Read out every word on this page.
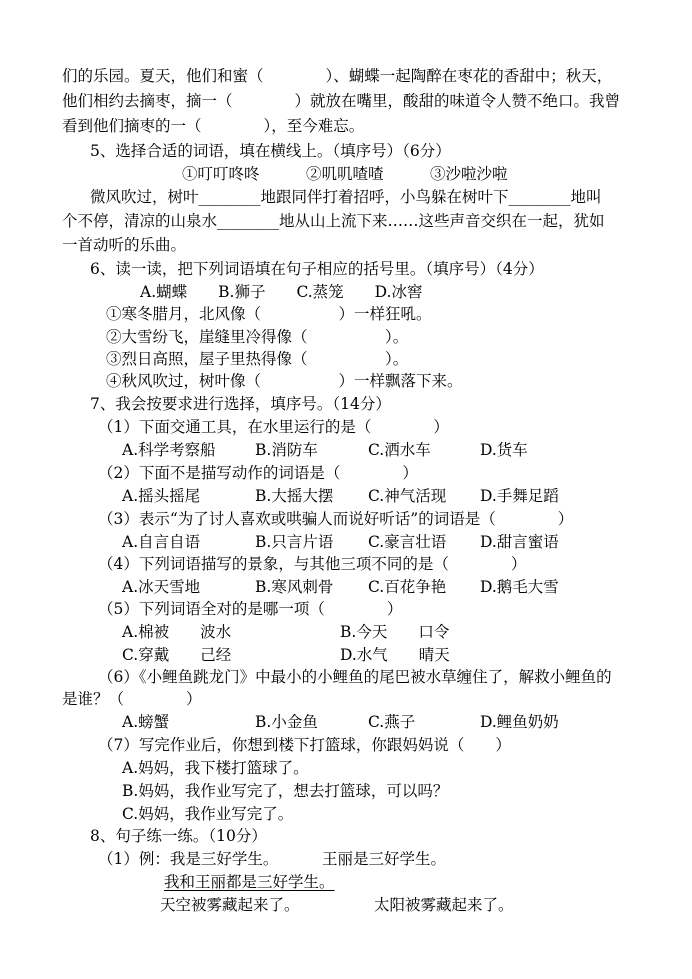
们的乐园。夏天，他们和蜜（　　　　）、蝴蝶一起陶醉在枣花的香甜中；秋天，
他们相约去摘枣，摘一（　　　　）就放在嘴里，酸甜的味道令人赞不绝口。我曾
看到他们摘枣的一（　　　　），至今难忘。
5、选择合适的词语，填在横线上。（填序号）（6分）
①叮叮咚咚　　　②叽叽喳喳　　　③沙啦沙啦
微风吹过，树叶________地跟同伴打着招呼，小鸟躲在树叶下________地叫
个不停，清凉的山泉水________地从山上流下来……这些声音交织在一起，犹如
一首动听的乐曲。
6、读一读，把下列词语填在句子相应的括号里。（填序号）（4分）
A.蝴蝶　　B.狮子　　C.蒸笼　　D.冰窖
①寒冬腊月，北风像（　　　　　）一样狂吼。
②大雪纷飞，崖缝里冷得像（　　　　　）。
③烈日高照，屋子里热得像（　　　　　）。
④秋风吹过，树叶像（　　　　　）一样飘落下来。
7、我会按要求进行选择，填序号。（14分）
（1）下面交通工具，在水里运行的是（　　　　）
A.科学考察船	B.消防车	C.洒水车	D.货车
（2）下面不是描写动作的词语是（　　　　）
A.摇头摇尾	B.大摇大摆 C.神气活现 D.手舞足蹈
（3）表示“为了讨人喜欢或哄骗人而说好听话”的词语是（　　　　）
A.自言自语	B.只言片语 C.豪言壮语 D.甜言蜜语
（4）下列词语描写的景象，与其他三项不同的是（　　　　）
A.冰天雪地	B.寒风刺骨 C.百花争艳 D.鹅毛大雪
（5）下列词语全对的是哪一项（　　　　）
A.棉被　　波水	B.今天　　口令
C.穿戴　　己经	D.水气　　晴天
（6）《小鲤鱼跳龙门》中最小的小鲤鱼的尾巴被水草缠住了，解救小鲤鱼的
是谁？（　　　　）
A.螃蟹	B.小金鱼	C.燕子	D.鲤鱼奶奶
（7）写完作业后，你想到楼下打篮球，你跟妈妈说（　　）
A.妈妈，我下楼打篮球了。
B.妈妈，我作业写完了，想去打篮球，可以吗？
C.妈妈，我作业写完了。
8、句子练一练。（10分）
（1）例：我是三好学生。	王丽是三好学生。
我和王丽都是三好学生。
天空被雾藏起来了。	太阳被雾藏起来了。
